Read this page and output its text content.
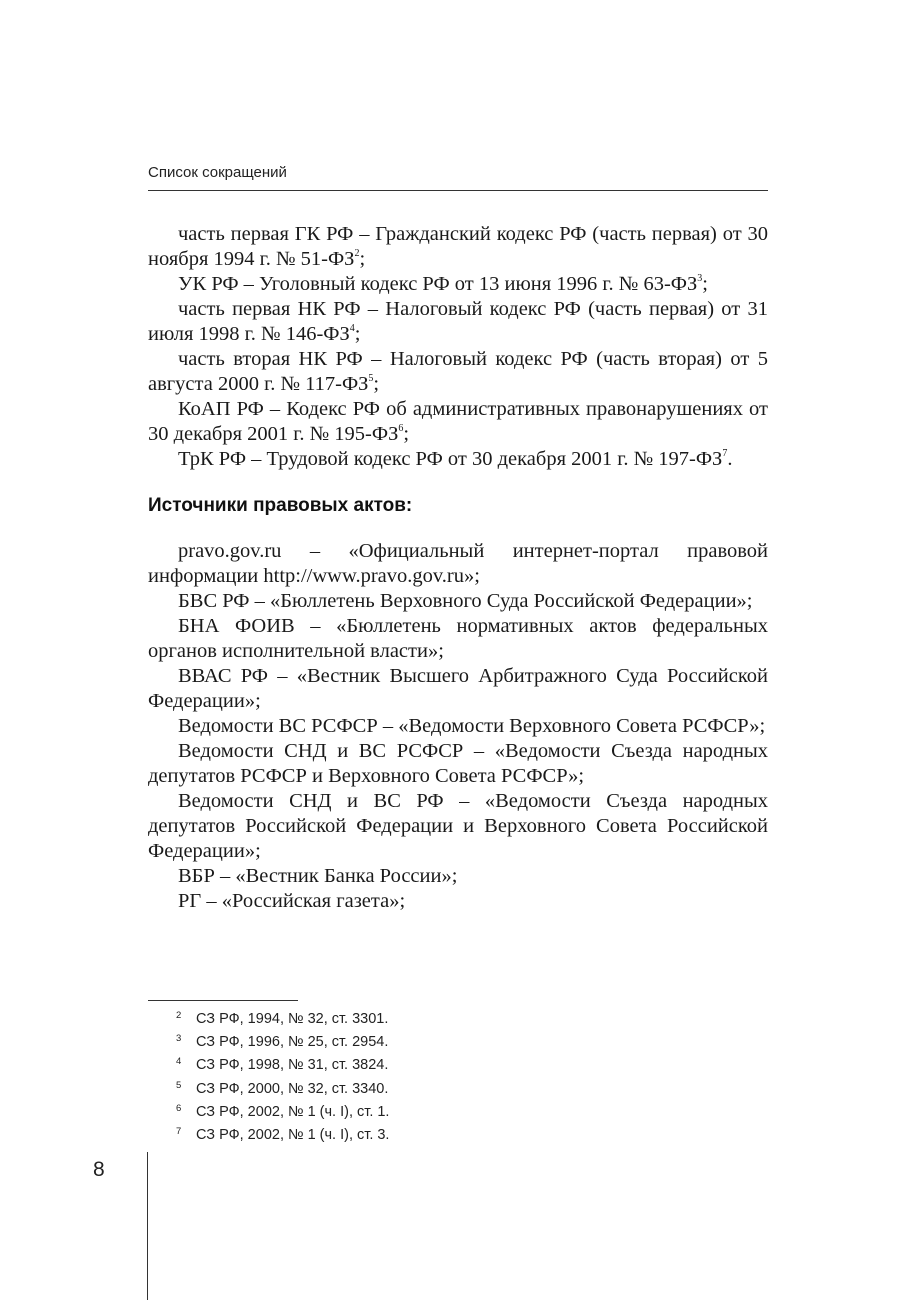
Список сокращений

часть первая ГК РФ – Гражданский кодекс РФ (часть первая) от 30 ноября 1994 г. № $51-ФЗ^2$;

УК РФ – Уголовный кодекс РФ от 13 июня 1996 г. № $63-ФЗ^3$;

часть первая НК РФ – Налоговый кодекс РФ (часть первая) от 31 июля 1998 г. № $146-ФЗ^4$;

часть вторая НК РФ – Налоговый кодекс РФ (часть вторая) от 5 августа 2000 г. № $117-ФЗ^5$;

КоАП РФ – Кодекс РФ об административных правонарушениях от 30 декабря 2001 г. № $195-ФЗ^6$;

ТрК РФ – Трудовой кодекс РФ от 30 декабря 2001 г. № $197-ФЗ^7$.

Источники правовых актов:

pravo.gov.ru – «Официальный интернет-портал правовой информации http://www.pravo.gov.ru»;

БВС РФ – «Бюллетень Верховного Суда Российской Федерации»;

БНА ФОИВ – «Бюллетень нормативных актов федеральных органов исполнительной власти»;

ВВАС РФ – «Вестник Высшего Арбитражного Суда Российской Федерации»;

Ведомости ВС РСФСР – «Ведомости Верховного Совета РСФСР»;

Ведомости СНД и ВС РСФСР – «Ведомости Съезда народных депутатов РСФСР и Верховного Совета РСФСР»;

Ведомости СНД и ВС РФ – «Ведомости Съезда народных депутатов Российской Федерации и Верховного Совета Российской Федерации»;

ВБР – «Вестник Банка России»;

РГ – «Российская газета»;

2 СЗ РФ, 1994, № 32, ст. 3301.
3 СЗ РФ, 1996, № 25, ст. 2954.
4 СЗ РФ, 1998, № 31, ст. 3824.
5 СЗ РФ, 2000, № 32, ст. 3340.
6 СЗ РФ, 2002, № 1 (ч. I), ст. 1.
7 СЗ РФ, 2002, № 1 (ч. I), ст. 3.
8
